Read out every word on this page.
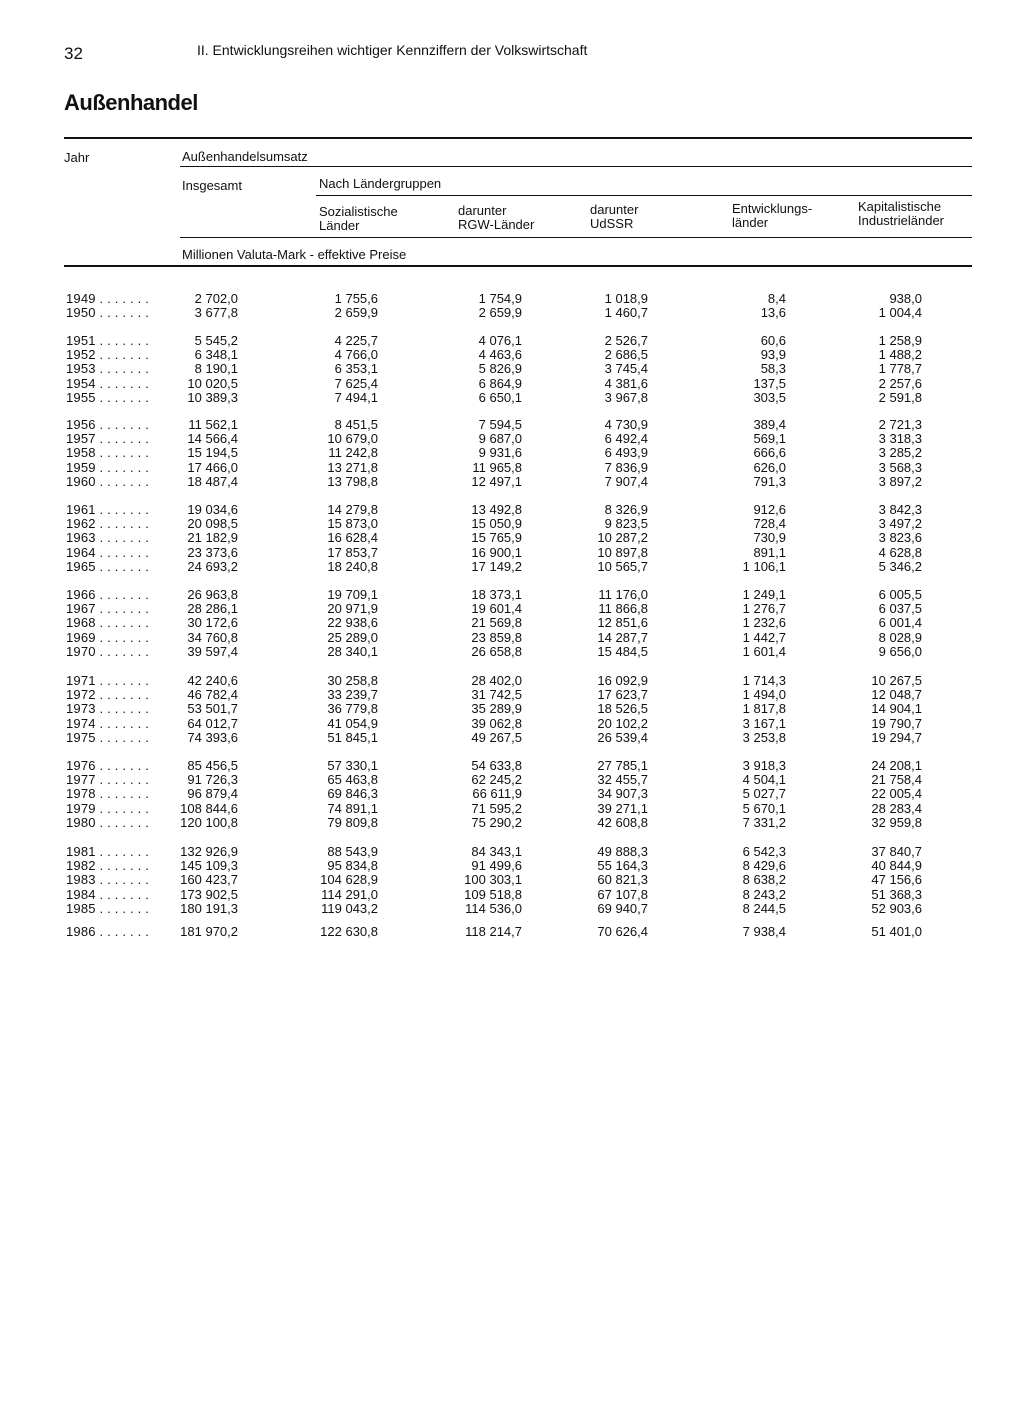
32	II. Entwicklungsreihen wichtiger Kennziffern der Volkswirtschaft
Außenhandel
Jahr	Außenhandelsumsatz
Insgesamt	Nach Ländergruppen
Sozialistische
Länder
darunter
RGW-Länder
darunter
UdSSR
Entwicklungs-
länder
Kapitalistische
Industrieländer
Millionen Valuta-Mark - effektive Preise
1949 . . . . . . .	2 702,0	1 755,6	1 754,9	1 018,9	8,4	938,0
1950 . . . . . . .	3 677,8	2 659,9	2 659,9	1 460,7	13,6	1 004,4
1951 . . . . . . .	5 545,2	4 225,7	4 076,1	2 526,7	60,6	1 258,9
1952 . . . . . . .	6 348,1	4 766,0	4 463,6	2 686,5	93,9	1 488,2
1953 . . . . . . .	8 190,1	6 353,1	5 826,9	3 745,4	58,3	1 778,7
1954 . . . . . . .	10 020,5	7 625,4	6 864,9	4 381,6	137,5	2 257,6
1955 . . . . . . .	10 389,3	7 494,1	6 650,1	3 967,8	303,5	2 591,8
1956 . . . . . . .	11 562,1	8 451,5	7 594,5	4 730,9	389,4	2 721,3
1957 . . . . . . .	14 566,4	10 679,0	9 687,0	6 492,4	569,1	3 318,3
1958 . . . . . . .	15 194,5	11 242,8	9 931,6	6 493,9	666,6	3 285,2
1959 . . . . . . .	17 466,0	13 271,8	11 965,8	7 836,9	626,0	3 568,3
1960 . . . . . . .	18 487,4	13 798,8	12 497,1	7 907,4	791,3	3 897,2
1961 . . . . . . .	19 034,6	14 279,8	13 492,8	8 326,9	912,6	3 842,3
1962 . . . . . . .	20 098,5	15 873,0	15 050,9	9 823,5	728,4	3 497,2
1963 . . . . . . .	21 182,9	16 628,4	15 765,9	10 287,2	730,9	3 823,6
1964 . . . . . . .	23 373,6	17 853,7	16 900,1	10 897,8	891,1	4 628,8
1965 . . . . . . .	24 693,2	18 240,8	17 149,2	10 565,7	1 106,1	5 346,2
1966 . . . . . . .	26 963,8	19 709,1	18 373,1	11 176,0	1 249,1	6 005,5
1967 . . . . . . .	28 286,1	20 971,9	19 601,4	11 866,8	1 276,7	6 037,5
1968 . . . . . . .	30 172,6	22 938,6	21 569,8	12 851,6	1 232,6	6 001,4
1969 . . . . . . .	34 760,8	25 289,0	23 859,8	14 287,7	1 442,7	8 028,9
1970 . . . . . . .	39 597,4	28 340,1	26 658,8	15 484,5	1 601,4	9 656,0
1971 . . . . . . .	42 240,6	30 258,8	28 402,0	16 092,9	1 714,3	10 267,5
1972 . . . . . . .	46 782,4	33 239,7	31 742,5	17 623,7	1 494,0	12 048,7
1973 . . . . . . .	53 501,7	36 779,8	35 289,9	18 526,5	1 817,8	14 904,1
1974 . . . . . . .	64 012,7	41 054,9	39 062,8	20 102,2	3 167,1	19 790,7
1975 . . . . . . .	74 393,6	51 845,1	49 267,5	26 539,4	3 253,8	19 294,7
1976 . . . . . . .	85 456,5	57 330,1	54 633,8	27 785,1	3 918,3	24 208,1
1977 . . . . . . .	91 726,3	65 463,8	62 245,2	32 455,7	4 504,1	21 758,4
1978 . . . . . . .	96 879,4	69 846,3	66 611,9	34 907,3	5 027,7	22 005,4
1979 . . . . . . .	108 844,6	74 891,1	71 595,2	39 271,1	5 670,1	28 283,4
1980 . . . . . . .	120 100,8	79 809,8	75 290,2	42 608,8	7 331,2	32 959,8
1981 . . . . . . .	132 926,9	88 543,9	84 343,1	49 888,3	6 542,3	37 840,7
1982 . . . . . . .	145 109,3	95 834,8	91 499,6	55 164,3	8 429,6	40 844,9
1983 . . . . . . .	160 423,7	104 628,9	100 303,1	60 821,3	8 638,2	47 156,6
1984 . . . . . . .	173 902,5	114 291,0	109 518,8	67 107,8	8 243,2	51 368,3
1985 . . . . . . .	180 191,3	119 043,2	114 536,0	69 940,7	8 244,5	52 903,6
1986 . . . . . . .	181 970,2	122 630,8	118 214,7	70 626,4	7 938,4	51 401,0
